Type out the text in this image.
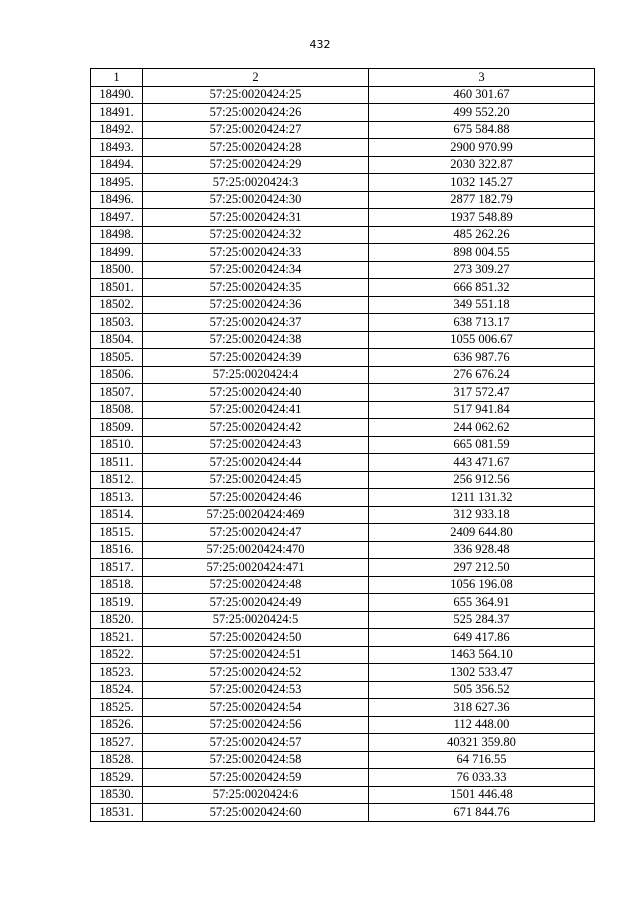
432
1	2	3
18490.	57:25:0020424:25	460 301.67
18491.	57:25:0020424:26	499 552.20
18492.	57:25:0020424:27	675 584.88
18493.	57:25:0020424:28	2900 970.99
18494.	57:25:0020424:29	2030 322.87
18495.	57:25:0020424:3	1032 145.27
18496.	57:25:0020424:30	2877 182.79
18497.	57:25:0020424:31	1937 548.89
18498.	57:25:0020424:32	485 262.26
18499.	57:25:0020424:33	898 004.55
18500.	57:25:0020424:34	273 309.27
18501.	57:25:0020424:35	666 851.32
18502.	57:25:0020424:36	349 551.18
18503.	57:25:0020424:37	638 713.17
18504.	57:25:0020424:38	1055 006.67
18505.	57:25:0020424:39	636 987.76
18506.	57:25:0020424:4	276 676.24
18507.	57:25:0020424:40	317 572.47
18508.	57:25:0020424:41	517 941.84
18509.	57:25:0020424:42	244 062.62
18510.	57:25:0020424:43	665 081.59
18511.	57:25:0020424:44	443 471.67
18512.	57:25:0020424:45	256 912.56
18513.	57:25:0020424:46	1211 131.32
18514.	57:25:0020424:469	312 933.18
18515.	57:25:0020424:47	2409 644.80
18516.	57:25:0020424:470	336 928.48
18517.	57:25:0020424:471	297 212.50
18518.	57:25:0020424:48	1056 196.08
18519.	57:25:0020424:49	655 364.91
18520.	57:25:0020424:5	525 284.37
18521.	57:25:0020424:50	649 417.86
18522.	57:25:0020424:51	1463 564.10
18523.	57:25:0020424:52	1302 533.47
18524.	57:25:0020424:53	505 356.52
18525.	57:25:0020424:54	318 627.36
18526.	57:25:0020424:56	112 448.00
18527.	57:25:0020424:57	40321 359.80
18528.	57:25:0020424:58	64 716.55
18529.	57:25:0020424:59	76 033.33
18530.	57:25:0020424:6	1501 446.48
18531.	57:25:0020424:60	671 844.76
